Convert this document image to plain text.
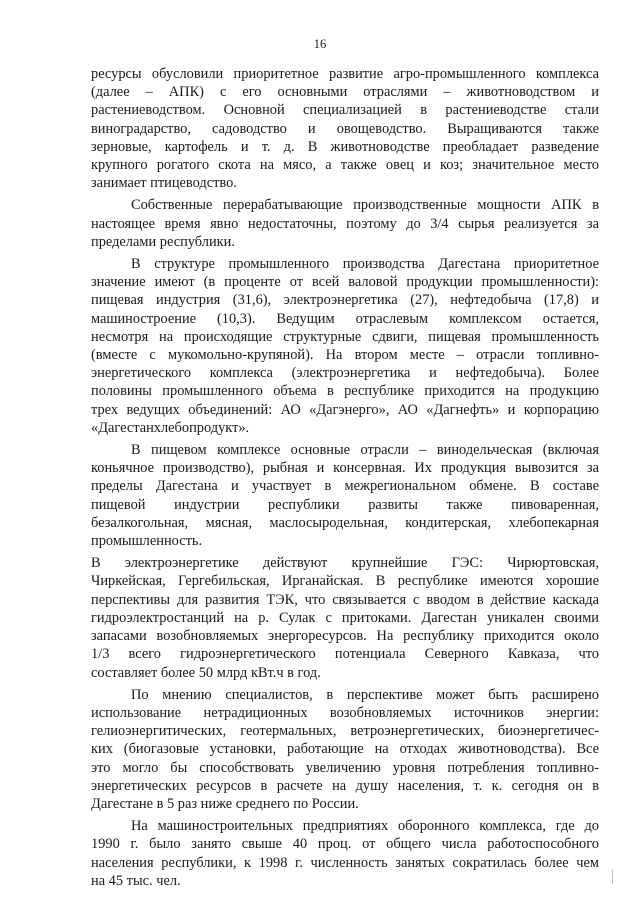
16

ресурсы обусловили приоритетное развитие агро-промышленного комплекса
(далее – АПК) с его основными отраслями – животноводством и
растениеводством. Основной специализацией в растениеводстве стали
виноградарство, садоводство и овощеводство. Выращиваются также
зерновые, картофель и т. д. В животноводстве преобладает разведение
крупного рогатого скота на мясо, а также овец и коз; значительное место
занимает птицеводство.

Собственные перерабатывающие производственные мощности АПК в
настоящее время явно недостаточны, поэтому до 3/4 сырья реализуется за
пределами республики.

В структуре промышленного производства Дагестана приоритетное
значение имеют (в проценте от всей валовой продукции промышленности):
пищевая индустрия (31,6), электроэнергетика (27), нефтедобыча (17,8) и
машиностроение (10,3). Ведущим отраслевым комплексом остается,
несмотря на происходящие структурные сдвиги, пищевая промышленность
(вместе с мукомольно-крупяной). На втором месте – отрасли топливно-
энергетического комплекса (электроэнергетика и нефтедобыча). Более
половины промышленного объема в республике приходится на продукцию
трех ведущих объединений: АО «Дагэнерго», АО «Дагнефть» и корпорацию
«Дагестанхлебопродукт».

В пищевом комплексе основные отрасли – винодельческая (включая
коньячное производство), рыбная и консервная. Их продукция вывозится за
пределы Дагестана и участвует в межрегиональном обмене. В составе
пищевой индустрии республики развиты также пивоваренная,
безалкогольная, мясная, маслосыродельная, кондитерская, хлебопекарная
промышленность.

В электроэнергетике действуют крупнейшие ГЭС: Чирюртовская,
Чиркейская, Гергебильская, Ирганайская. В республике имеются хорошие
перспективы для развития ТЭК, что связывается с вводом в действие каскада
гидроэлектростанций на р. Сулак с притоками. Дагестан уникален своими
запасами возобновляемых энергоресурсов. На республику приходится около
1/3 всего гидроэнергетического потенциала Северного Кавказа, что
составляет более 50 млрд кВт.ч в год.

По мнению специалистов, в перспективе может быть расширено
использование нетрадиционных возобновляемых источников энергии:
гелиоэнергитических, геотермальных, ветроэнергетических, биоэнергетичес-
ких (биогазовые установки, работающие на отходах животноводства). Все
это могло бы способствовать увеличению уровня потребления топливно-
энергетических ресурсов в расчете на душу населения, т. к. сегодня он в
Дагестане в 5 раз ниже среднего по России.

На машиностроительных предприятиях оборонного комплекса, где до
1990 г. было занято свыше 40 проц. от общего числа работоспособного
населения республики, к 1998 г. численность занятых сократилась более чем
на 45 тыс. чел.
